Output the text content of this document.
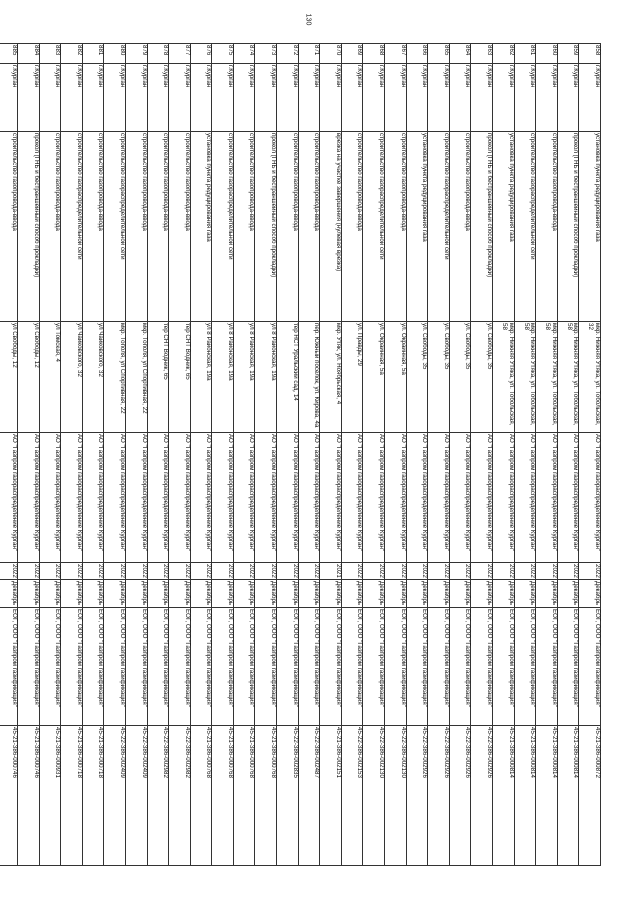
130
858	г.Курган	установка пункта редуцирования газа	мкр. Нижняя Утяка, ул. Тобольская, 32	АО "Газпром газораспределение Курган"	2022	Декабрь	ЕОГ, ООО "Газпром газификация"	45-21-386-000872
859	г.Курган	прокол (ГНБ и бестраншейный способ прокладки)	мкр. Нижняя Утяка, ул. Тобольская, 58	АО "Газпром газораспределение Курган"	2022	Декабрь	ЕОГ, ООО "Газпром газификация"	45-21-386-000814
860	г.Курган	строительство газопровода-ввода	мкр. Нижняя Утяка, ул. Тобольская, 58	АО "Газпром газораспределение Курган"	2022	Декабрь	ЕОГ, ООО "Газпром газификация"	45-21-386-000814
861	г.Курган	строительство газораспределительной сети	мкр. Нижняя Утяка, ул. Тобольская, 58	АО "Газпром газораспределение Курган"	2022	Декабрь	ЕОГ, ООО "Газпром газификация"	45-21-386-000814
862	г.Курган	установка пункта редуцирования газа	мкр. Нижняя Утяка, ул. Тобольская, 58	АО "Газпром газораспределение Курган"	2022	Декабрь	ЕОГ, ООО "Газпром газификация"	45-21-386-000814
863	г.Курган	прокол (ГНБ и бестраншейный способ прокладки)	ул. Свободы, 35	АО "Газпром газораспределение Курган"	2022	Декабрь	ЕОГ, ООО "Газпром газификация"	45-22-386-002926
864	г.Курган	строительство газопровода-ввода	ул. Свободы, 35	АО "Газпром газораспределение Курган"	2022	Декабрь	ЕОГ, ООО "Газпром газификация"	45-22-386-002926
865	г.Курган	строительство газораспределительной сети	ул. Свободы, 35	АО "Газпром газораспределение Курган"	2022	Декабрь	ЕОГ, ООО "Газпром газификация"	45-22-386-002926
866	г.Курган	установка пункта редуцирования газа	ул. Свободы, 35	АО "Газпром газораспределение Курган"	2022	Декабрь	ЕОГ, ООО "Газпром газификация"	45-22-386-002926
867	г.Курган	строительство газопровода-ввода	ул. Окраинная, 5а	АО "Газпром газораспределение Курган"	2022	Декабрь	ЕОГ, ООО "Газпром газификация"	45-22-386-002130
868	г.Курган	строительство газораспределительной сети	ул. Окраинная, 5а	АО "Газпром газораспределение Курган"	2022	Декабрь	ЕОГ, ООО "Газпром газификация"	45-22-386-002130
869	г.Курган	строительство газопровода-ввода	ул. Правды, 29	АО "Газпром газораспределение Курган"	2022	Декабрь	ЕОГ, ООО "Газпром газификация"	45-22-386-002153
870	г.Курган	врезка на участке завершения (нулевая врезка)	мкр. Утяк, ул. Ноябрьская, 4	АО "Газпром газораспределение Курган"	2021	Декабрь	ЕОГ, ООО "Газпром газификация"	45-21-386-002151
871	г.Курган	строительство газопровода-ввода	пер. Южный поселок, ул. Кирова, 4а	АО "Газпром газораспределение Курган"	2022	Декабрь	ЕОГ, ООО "Газпром газификация"	45-22-386-002487
872	г.Курган	строительство газопровода-ввода	тер НСТ Уральский сад, 14	АО "Газпром газораспределение Курган"	2022	Декабрь	ЕОГ, ООО "Газпром газификация"	45-22-386-002835
873	г.Курган	прокол (ГНБ и бестраншейный способ прокладки)	ул 8 Районская, 19а	АО "Газпром газораспределение Курган"	2022	Декабрь	ЕОГ, ООО "Газпром газификация"	45-21-386-000768
874	г.Курган	строительство газопровода-ввода	ул 8 Районская, 19а	АО "Газпром газораспределение Курган"	2022	Декабрь	ЕОГ, ООО "Газпром газификация"	45-21-386-000768
875	г.Курган	строительство газораспределительной сети	ул 8 Районская, 19а	АО "Газпром газораспределение Курган"	2022	Декабрь	ЕОГ, ООО "Газпром газификация"	45-21-386-000768
876	г.Курган	установка пункта редуцирования газа	ул 8 Районская, 19а	АО "Газпром газораспределение Курган"	2022	Декабрь	ЕОГ, ООО "Газпром газификация"	45-21-386-000768
877	г.Курган	строительство газопровода-ввода	тер СНТ Водник, 65	АО "Газпром газораспределение Курган"	2022	Декабрь	ЕОГ, ООО "Газпром газификация"	45-22-386-002982
878	г.Курган	строительство газопровода-ввода	тер СНТ Водник, 65	АО "Газпром газораспределение Курган"	2022	Декабрь	ЕОГ, ООО "Газпром газификация"	45-22-386-002982
879	г.Курган	строительство газопровода-ввода	мкр. Тополя, ул Спортивная, 22	АО "Газпром газораспределение Курган"	2022	Декабрь	ЕОГ, ООО "Газпром газификация"	45-22-386-002409
880	г.Курган	строительство газораспределительной сети	мкр. Тополя, ул Спортивная, 22	АО "Газпром газораспределение Курган"	2022	Декабрь	ЕОГ, ООО "Газпром газификация"	45-22-386-002409
881	г.Курган	строительство газопровода-ввода	ул Чайковского, 32	АО "Газпром газораспределение Курган"	2022	Декабрь	ЕОГ, ООО "Газпром газификация"	45-21-386-000718
882	г.Курган	строительство газораспределительной сети	ул Чайковского, 32	АО "Газпром газораспределение Курган"	2022	Декабрь	ЕОГ, ООО "Газпром газификация"	45-21-386-000718
883	г.Курган	строительство газопровода-ввода	ул Томская, 4	АО "Газпром газораспределение Курган"	2022	Декабрь	ЕОГ, ООО "Газпром газификация"	45-21-386-000931
884	г.Курган	прокол (ГНБ и бестраншейный способ прокладки)	ул Свободы, 12	АО "Газпром газораспределение Курган"	2022	Декабрь	ЕОГ, ООО "Газпром газификация"	45-21-386-000746
885	г.Курган	строительство газопровода-ввода	ул Свободы, 12	АО "Газпром газораспределение Курган"	2022	Декабрь	ЕОГ, ООО "Газпром газификация"	45-21-386-000746
